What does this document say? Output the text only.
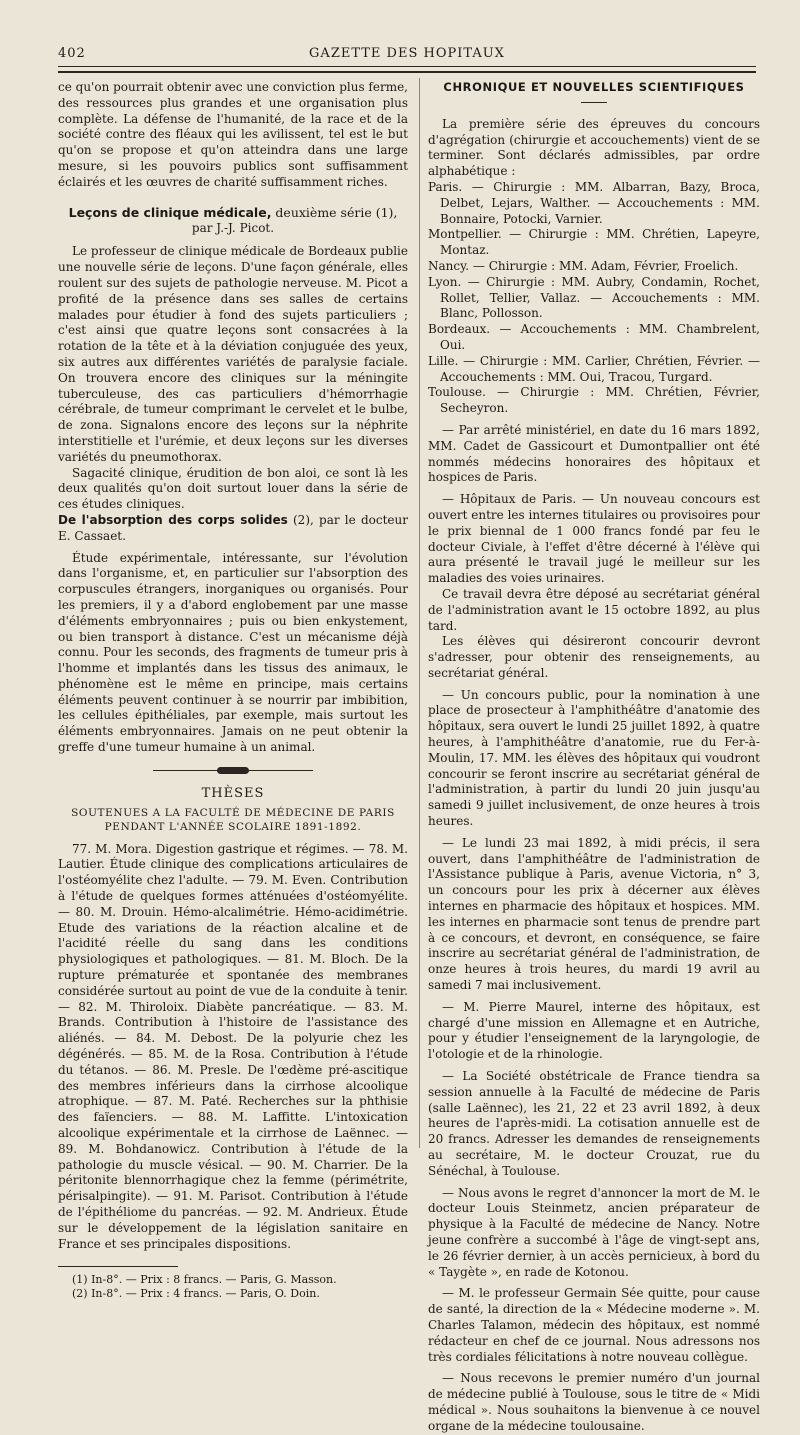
402	GAZETTE DES HOPITAUX

ce qu'on pourrait obtenir avec une conviction plus ferme, des ressources plus grandes et une organisation plus complète. La défense de l'humanité, de la race et de la société contre des fléaux qui les avilissent, tel est le but qu'on se propose et qu'on atteindra dans une large mesure, si les pouvoirs publics sont suffisamment éclairés et les œuvres de charité suffisamment riches.

Leçons de clinique médicale, deuxième série (1),
par J.-J. Picot.

Le professeur de clinique médicale de Bordeaux publie une nouvelle série de leçons. D'une façon générale, elles roulent sur des sujets de pathologie nerveuse. M. Picot a profité de la présence dans ses salles de certains malades pour étudier à fond des sujets particuliers ; c'est ainsi que quatre leçons sont consacrées à la rotation de la tête et à la déviation conjuguée des yeux, six autres aux différentes variétés de paralysie faciale. On trouvera encore des cliniques sur la méningite tuberculeuse, des cas particuliers d'hémorrhagie cérébrale, de tumeur comprimant le cervelet et le bulbe, de zona. Signalons encore des leçons sur la néphrite interstitielle et l'urémie, et deux leçons sur les diverses variétés du pneumothorax.

Sagacité clinique, érudition de bon aloi, ce sont là les deux qualités qu'on doit surtout louer dans la série de ces études cliniques.

De l'absorption des corps solides (2), par le docteur E. Cassaet.

Étude expérimentale, intéressante, sur l'évolution dans l'organisme, et, en particulier sur l'absorption des corpuscules étrangers, inorganiques ou organisés. Pour les premiers, il y a d'abord englobement par une masse d'éléments embryonnaires ; puis ou bien enkystement, ou bien transport à distance. C'est un mécanisme déjà connu. Pour les seconds, des fragments de tumeur pris à l'homme et implantés dans les tissus des animaux, le phénomène est le même en principe, mais certains éléments peuvent continuer à se nourrir par imbibition, les cellules épithéliales, par exemple, mais surtout les éléments embryonnaires. Jamais on ne peut obtenir la greffe d'une tumeur humaine à un animal.

THÈSES
SOUTENUES A LA FACULTÉ DE MÉDECINE DE PARIS
PENDANT L'ANNÉE SCOLAIRE 1891-1892.

77. M. Mora. Digestion gastrique et régimes. — 78. M. Lautier. Étude clinique des complications articulaires de l'ostéomyélite chez l'adulte. — 79. M. Even. Contribution à l'étude de quelques formes atténuées d'ostéomyélite. — 80. M. Drouin. Hémo-alcalimétrie. Hémo-acidimétrie. Etude des variations de la réaction alcaline et de l'acidité réelle du sang dans les conditions physiologiques et pathologiques. — 81. M. Bloch. De la rupture prématurée et spontanée des membranes considérée surtout au point de vue de la conduite à tenir. — 82. M. Thiroloix. Diabète pancréatique. — 83. M. Brands. Contribution à l'histoire de l'assistance des aliénés. — 84. M. Debost. De la polyurie chez les dégénérés. — 85. M. de la Rosa. Contribution à l'étude du tétanos. — 86. M. Presle. De l'œdème pré-ascitique des membres inférieurs dans la cirrhose alcoolique atrophique. — 87. M. Paté. Recherches sur la phthisie des faïenciers. — 88. M. Laffitte. L'intoxication alcoolique expérimentale et la cirrhose de Laënnec. — 89. M. Bohdanowicz. Contribution à l'étude de la pathologie du muscle vésical. — 90. M. Charrier. De la péritonite blennorrhagique chez la femme (périmétrite, périsalpingite). — 91. M. Parisot. Contribution à l'étude de l'épithéliome du pancréas. — 92. M. Andrieux. Étude sur le développement de la législation sanitaire en France et ses principales dispositions.

(1) In-8°. — Prix : 8 francs. — Paris, G. Masson.

(2) In-8°. — Prix : 4 francs. — Paris, O. Doin.

CHRONIQUE ET NOUVELLES SCIENTIFIQUES

La première série des épreuves du concours d'agrégation (chirurgie et accouchements) vient de se terminer. Sont déclarés admissibles, par ordre alphabétique :

Paris. — Chirurgie : MM. Albarran, Bazy, Broca, Delbet, Lejars, Walther. — Accouchements : MM. Bonnaire, Potocki, Varnier.

Montpellier. — Chirurgie : MM. Chrétien, Lapeyre, Montaz.

Nancy. — Chirurgie : MM. Adam, Février, Froelich.

Lyon. — Chirurgie : MM. Aubry, Condamin, Rochet, Rollet, Tellier, Vallaz. — Accouchements : MM. Blanc, Pollosson.

Bordeaux. — Accouchements : MM. Chambrelent, Oui.

Lille. — Chirurgie : MM. Carlier, Chrétien, Février. — Accouchements : MM. Oui, Tracou, Turgard.

Toulouse. — Chirurgie : MM. Chrétien, Février, Secheyron.

— Par arrêté ministériel, en date du 16 mars 1892, MM. Cadet de Gassicourt et Dumontpallier ont été nommés médecins honoraires des hôpitaux et hospices de Paris.

— Hôpitaux de Paris. — Un nouveau concours est ouvert entre les internes titulaires ou provisoires pour le prix biennal de 1 000 francs fondé par feu le docteur Civiale, à l'effet d'être décerné à l'élève qui aura présenté le travail jugé le meilleur sur les maladies des voies urinaires.

Ce travail devra être déposé au secrétariat général de l'administration avant le 15 octobre 1892, au plus tard.

Les élèves qui désireront concourir devront s'adresser, pour obtenir des renseignements, au secrétariat général.

— Un concours public, pour la nomination à une place de prosecteur à l'amphithéâtre d'anatomie des hôpitaux, sera ouvert le lundi 25 juillet 1892, à quatre heures, à l'amphithéâtre d'anatomie, rue du Fer-à-Moulin, 17. MM. les élèves des hôpitaux qui voudront concourir se feront inscrire au secrétariat général de l'administration, à partir du lundi 20 juin jusqu'au samedi 9 juillet inclusivement, de onze heures à trois heures.

— Le lundi 23 mai 1892, à midi précis, il sera ouvert, dans l'amphithéâtre de l'administration de l'Assistance publique à Paris, avenue Victoria, n° 3, un concours pour les prix à décerner aux élèves internes en pharmacie des hôpitaux et hospices. MM. les internes en pharmacie sont tenus de prendre part à ce concours, et devront, en conséquence, se faire inscrire au secrétariat général de l'administration, de onze heures à trois heures, du mardi 19 avril au samedi 7 mai inclusivement.

— M. Pierre Maurel, interne des hôpitaux, est chargé d'une mission en Allemagne et en Autriche, pour y étudier l'enseignement de la laryngologie, de l'otologie et de la rhinologie.

— La Société obstétricale de France tiendra sa session annuelle à la Faculté de médecine de Paris (salle Laënnec), les 21, 22 et 23 avril 1892, à deux heures de l'après-midi. La cotisation annuelle est de 20 francs. Adresser les demandes de renseignements au secrétaire, M. le docteur Crouzat, rue du Sénéchal, à Toulouse.

— Nous avons le regret d'annoncer la mort de M. le docteur Louis Steinmetz, ancien préparateur de physique à la Faculté de médecine de Nancy. Notre jeune confrère a succombé à l'âge de vingt-sept ans, le 26 février dernier, à un accès pernicieux, à bord du « Taygète », en rade de Kotonou.

— M. le professeur Germain Sée quitte, pour cause de santé, la direction de la « Médecine moderne ». M. Charles Talamon, médecin des hôpitaux, est nommé rédacteur en chef de ce journal. Nous adressons nos très cordiales félicitations à notre nouveau collègue.

— Nous recevons le premier numéro d'un journal de médecine publié à Toulouse, sous le titre de « Midi médical ». Nous souhaitons la bienvenue à ce nouvel organe de la médecine toulousaine.
